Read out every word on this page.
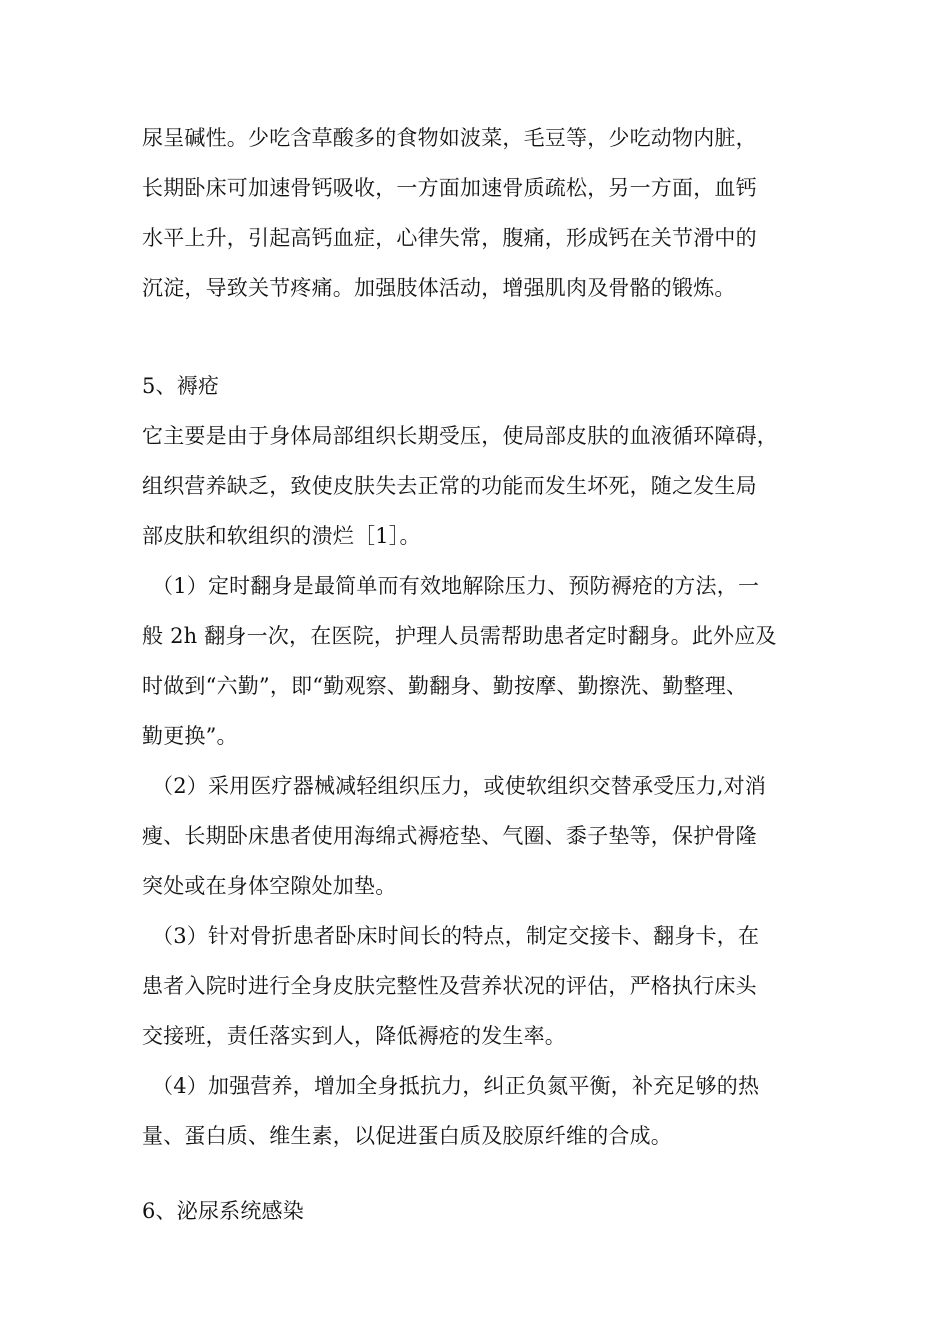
尿呈碱性。少吃含草酸多的食物如波菜，毛豆等，少吃动物内脏，

长期卧床可加速骨钙吸收，一方面加速骨质疏松，另一方面，血钙

水平上升，引起高钙血症，心律失常，腹痛，形成钙在关节滑中的

沉淀，导致关节疼痛。加强肢体活动，增强肌肉及骨骼的锻炼。

5、褥疮

它主要是由于身体局部组织长期受压，使局部皮肤的血液循环障碍，

组织营养缺乏，致使皮肤失去正常的功能而发生坏死，随之发生局

部皮肤和软组织的溃烂［1］。

（1）定时翻身是最简单而有效地解除压力、预防褥疮的方法，一

般 2h 翻身一次，在医院，护理人员需帮助患者定时翻身。此外应及

时做到“六勤”，即“勤观察、勤翻身、勤按摩、勤擦洗、勤整理、

勤更换”。

（2）采用医疗器械减轻组织压力，或使软组织交替承受压力,对消

瘦、长期卧床患者使用海绵式褥疮垫、气圈、黍子垫等，保护骨隆

突处或在身体空隙处加垫。

（3）针对骨折患者卧床时间长的特点，制定交接卡、翻身卡，在

患者入院时进行全身皮肤完整性及营养状况的评估，严格执行床头

交接班，责任落实到人，降低褥疮的发生率。

（4）加强营养，增加全身抵抗力，纠正负氮平衡，补充足够的热

量、蛋白质、维生素，以促进蛋白质及胶原纤维的合成。

6、泌尿系统感染
